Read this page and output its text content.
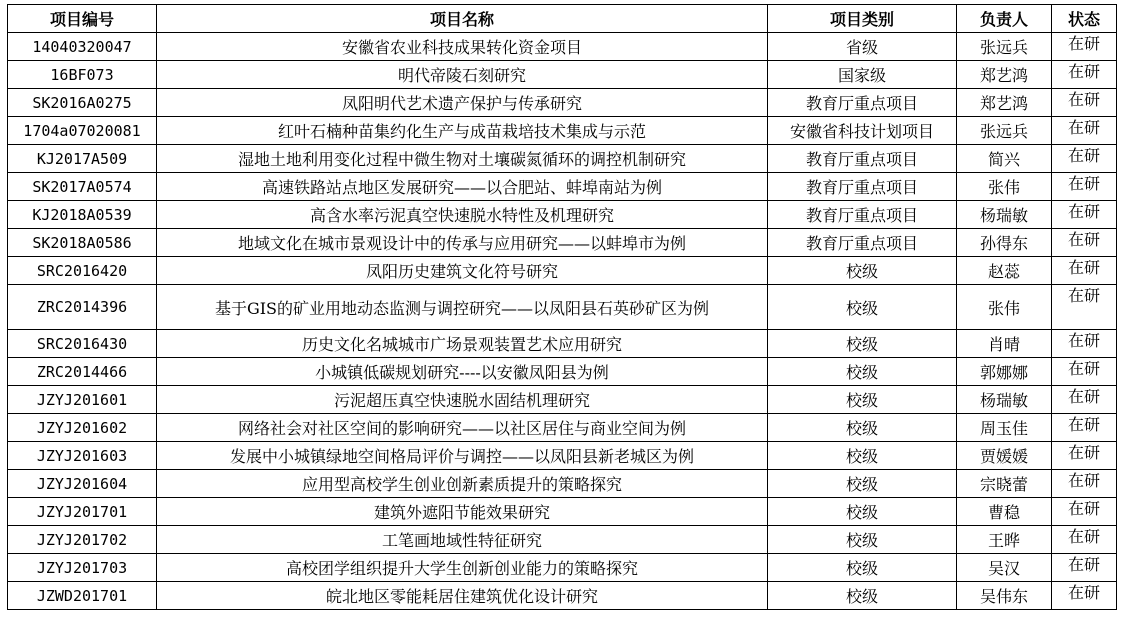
项目编号	项目名称	项目类别	负责人	状态
14040320047	安徽省农业科技成果转化资金项目	省级	张远兵	在研
16BF073	明代帝陵石刻研究	国家级	郑艺鸿	在研
SK2016A0275	凤阳明代艺术遗产保护与传承研究	教育厅重点项目	郑艺鸿	在研
1704a07020081	红叶石楠种苗集约化生产与成苗栽培技术集成与示范	安徽省科技计划项目	张远兵	在研
KJ2017A509	湿地土地利用变化过程中微生物对土壤碳氮循环的调控机制研究	教育厅重点项目	简兴	在研
SK2017A0574	高速铁路站点地区发展研究——以合肥站、蚌埠南站为例	教育厅重点项目	张伟	在研
KJ2018A0539	高含水率污泥真空快速脱水特性及机理研究	教育厅重点项目	杨瑞敏	在研
SK2018A0586	地域文化在城市景观设计中的传承与应用研究——以蚌埠市为例	教育厅重点项目	孙得东	在研
SRC2016420	凤阳历史建筑文化符号研究	校级	赵蕊	在研
ZRC2014396	基于GIS的矿业用地动态监测与调控研究——以凤阳县石英砂矿区为例	校级	张伟	在研
SRC2016430	历史文化名城城市广场景观装置艺术应用研究	校级	肖晴	在研
ZRC2014466	小城镇低碳规划研究----以安徽凤阳县为例	校级	郭娜娜	在研
JZYJ201601	污泥超压真空快速脱水固结机理研究	校级	杨瑞敏	在研
JZYJ201602	网络社会对社区空间的影响研究——以社区居住与商业空间为例	校级	周玉佳	在研
JZYJ201603	发展中小城镇绿地空间格局评价与调控——以凤阳县新老城区为例	校级	贾媛媛	在研
JZYJ201604	应用型高校学生创业创新素质提升的策略探究	校级	宗晓蕾	在研
JZYJ201701	建筑外遮阳节能效果研究	校级	曹稳	在研
JZYJ201702	工笔画地域性特征研究	校级	王晔	在研
JZYJ201703	高校团学组织提升大学生创新创业能力的策略探究	校级	吴汉	在研
JZWD201701	皖北地区零能耗居住建筑优化设计研究	校级	吴伟东	在研
